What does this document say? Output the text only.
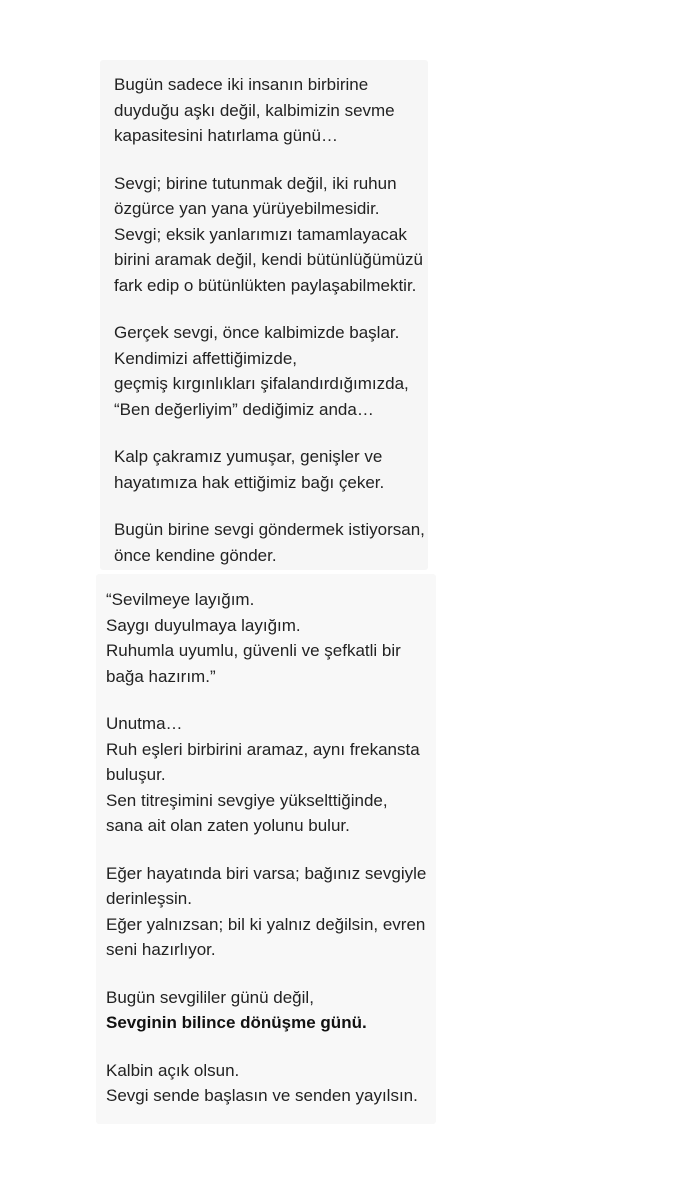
Bugün sadece iki insanın birbirine
duyduğu aşkı değil, kalbimizin sevme
kapasitesini hatırlama günü…
Sevgi; birine tutunmak değil, iki ruhun
özgürce yan yana yürüyebilmesidir.
Sevgi; eksik yanlarımızı tamamlayacak
birini aramak değil, kendi bütünlüğümüzü
fark edip o bütünlükten paylaşabilmektir.
Gerçek sevgi, önce kalbimizde başlar.
Kendimizi affettiğimizde,
geçmiş kırgınlıkları şifalandırdığımızda,
“Ben değerliyim” dediğimiz anda…
Kalp çakramız yumuşar, genişler ve
hayatımıza hak ettiğimiz bağı çeker.
Bugün birine sevgi göndermek istiyorsan,
önce kendine gönder.
“Sevilmeye layığım.
Saygı duyulmaya layığım.
Ruhumla uyumlu, güvenli ve şefkatli bir
bağa hazırım.”
Unutma…
Ruh eşleri birbirini aramaz, aynı frekansta
buluşur.
Sen titreşimini sevgiye yükselttiğinde,
sana ait olan zaten yolunu bulur.
Eğer hayatında biri varsa; bağınız sevgiyle
derinleşsin.
Eğer yalnızsan; bil ki yalnız değilsin, evren
seni hazırlıyor.
Bugün sevgililer günü değil,
Sevginin bilince dönüşme günü.
Kalbin açık olsun.
Sevgi sende başlasın ve senden yayılsın.
